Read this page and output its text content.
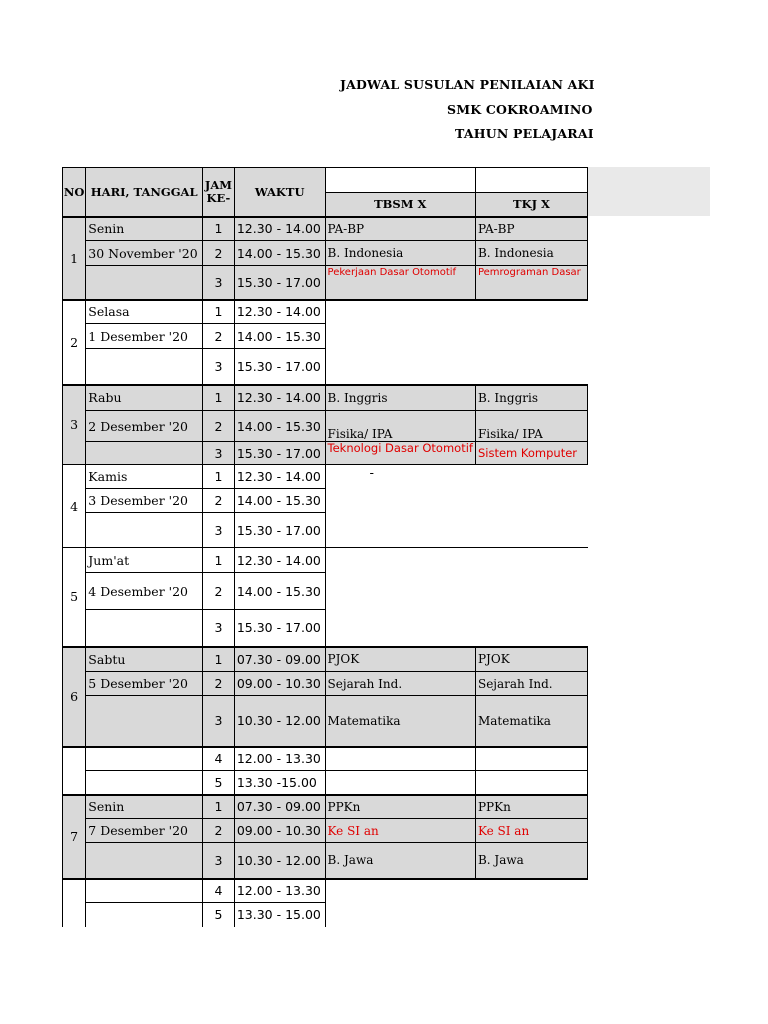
JADWAL SUSULAN PENILAIAN AKI
SMK COKROAMINO
TAHUN PELAJARAI
NO	HARI, TANGGAL	JAM KE-	WAKTU		
				TBSM X	TKJ X
1	Senin	1	12.30 - 14.00	PA-BP	PA-BP
	30 November '20	2	14.00 - 15.30	B. Indonesia	B. Indonesia
		3	15.30 - 17.00	Pekerjaan Dasar Otomotif	Pemrograman Dasar
2	Selasa	1	12.30 - 14.00		
	1 Desember '20	2	14.00 - 15.30		
		3	15.30 - 17.00		
3	Rabu	1	12.30 - 14.00	B. Inggris	B. Inggris
	2 Desember '20	2	14.00 - 15.30	Fisika/ IPA	Fisika/ IPA
		3	15.30 - 17.00	Teknologi Dasar Otomotif	Sistem Komputer
4	Kamis	1	12.30 - 14.00	-	
	3 Desember '20	2	14.00 - 15.30		
		3	15.30 - 17.00		
5	Jum'at	1	12.30 - 14.00		
	4 Desember '20	2	14.00 - 15.30		
		3	15.30 - 17.00		
6	Sabtu	1	07.30 - 09.00	PJOK	PJOK
	5 Desember '20	2	09.00 - 10.30	Sejarah Ind.	Sejarah Ind.
		3	10.30 - 12.00	Matematika	Matematika
		4	12.00 - 13.30		
		5	13.30 -15.00		
7	Senin	1	07.30 - 09.00	PPKn	PPKn
	7 Desember '20	2	09.00 - 10.30	Ke SI an	Ke SI an
		3	10.30 - 12.00	B. Jawa	B. Jawa
		4	12.00 - 13.30		
		5	13.30 - 15.00		
